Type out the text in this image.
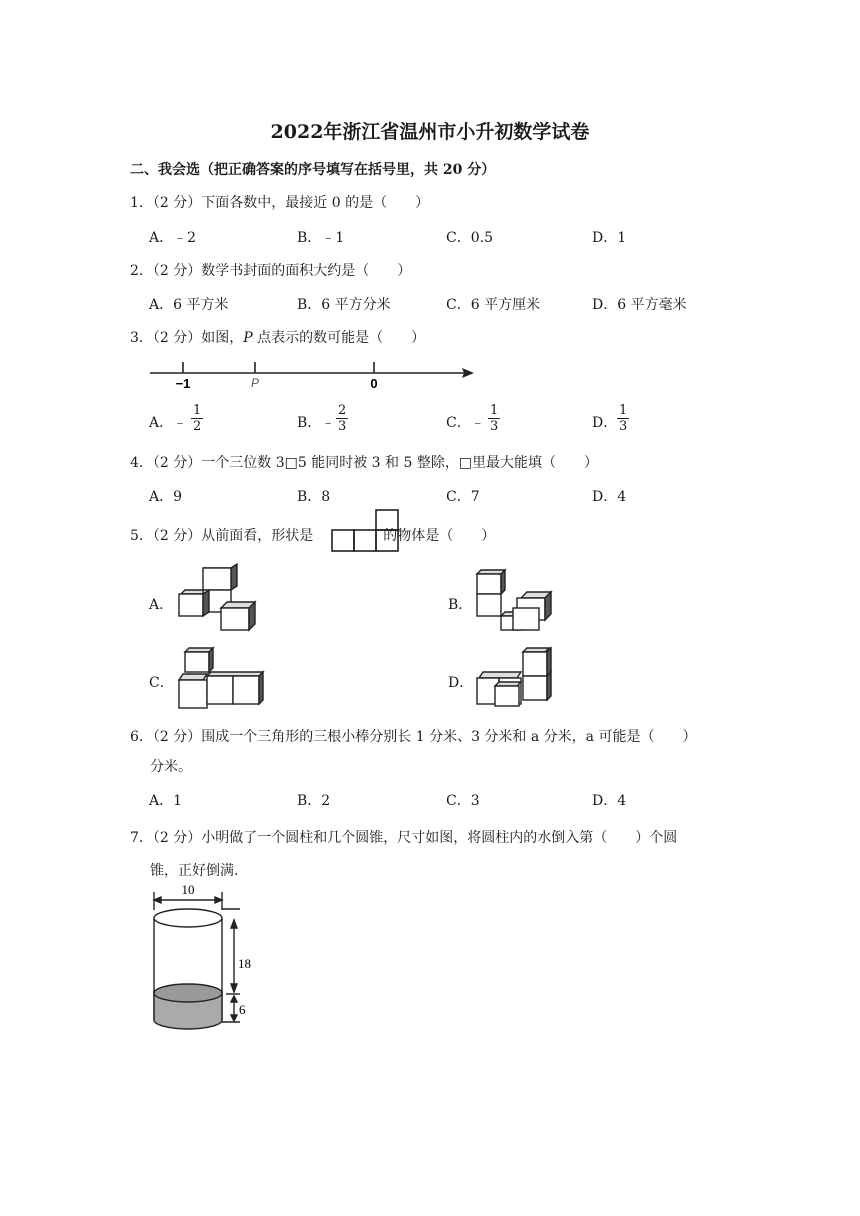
2022年浙江省温州市小升初数学试卷
二、我会选（把正确答案的序号填写在括号里，共 20 分）
1．（2 分）下面各数中，最接近 0 的是（　　）
A．﹣2	B．﹣1	C．0.5	D．1
2．（2 分）数学书封面的面积大约是（　　）
A．6 平方米	B．6 平方分米	C．6 平方厘米	D．6 平方毫米
3．（2 分）如图，P 点表示的数可能是（　　）
−1	P	0
A．﹣ $\frac{1}{2}$	B．﹣ $\frac{2}{3}$	C．﹣ $\frac{1}{3}$	D． $\frac{1}{3}$
4．（2 分）一个三位数 3□5 能同时被 3 和 5 整除，□里最大能填（　　）
A．9	B．8	C．7	D．4
5．（2 分）从前面看，形状是	的物体是（　　）
A．	B．
C．	D．
6．（2 分）围成一个三角形的三根小棒分别长 1 分米、3 分米和 a 分米，a 可能是（　　）
分米。
A．1	B．2	C．3	D．4
7．（2 分）小明做了一个圆柱和几个圆锥，尺寸如图，将圆柱内的水倒入第（　　）个圆
锥，正好倒满.
10
18
6
